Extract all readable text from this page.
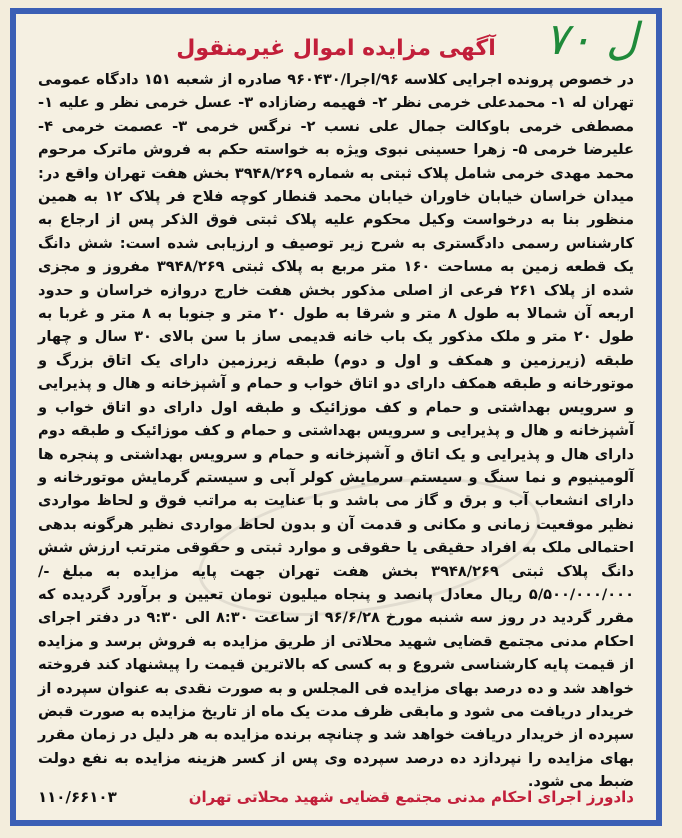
ل ۷۰
آگهی مزایده اموال غیرمنقول

در خصوص پرونده اجرایی کلاسه ۹۶/اجرا/۹۶۰۴۳۰ صادره از شعبه ۱۵۱ دادگاه عمومی تهران له ۱- محمدعلی خرمی نظر ۲- فهیمه رضازاده ۳- عسل خرمی نظر و علیه ۱- مصطفی خرمی باوکالت جمال علی نسب ۲- نرگس خرمی ۳- عصمت خرمی ۴- علیرضا خرمی ۵- زهرا حسینی نبوی ویژه به خواسته حکم به فروش ماترک مرحوم محمد مهدی خرمی شامل پلاک ثبتی به شماره ۳۹۴۸/۲۶۹ بخش هفت تهران واقع در: میدان خراسان خیابان خاوران خیابان محمد قنطار کوچه فلاح فر پلاک ۱۲ به همین منظور بنا به درخواست وکیل محکوم علیه پلاک ثبتی فوق الذکر پس از ارجاع به کارشناس رسمی دادگستری به شرح زیر توصیف و ارزیابی شده است: شش دانگ یک قطعه زمین به مساحت ۱۶۰ متر مربع به پلاک ثبتی ۳۹۴۸/۲۶۹ مفروز و مجزی شده از پلاک ۲۶۱ فرعی از اصلی مذکور بخش هفت خارج دروازه خراسان و حدود اربعه آن شمالا به طول ۸ متر و شرقا به طول ۲۰ متر و جنوبا به ۸ متر و غربا به طول ۲۰ متر و ملک مذکور یک باب خانه قدیمی ساز با سن بالای ۳۰ سال و چهار طبقه (زیرزمین و همکف و اول و دوم) طبقه زیرزمین دارای یک اتاق بزرگ و موتورخانه و طبقه همکف دارای دو اتاق خواب و حمام و آشپزخانه و هال و پذیرایی و سرویس بهداشتی و حمام و کف موزائیک و طبقه اول دارای دو اتاق خواب و آشپزخانه و هال و پذیرایی و سرویس بهداشتی و حمام و کف موزائیک و طبقه دوم دارای هال و پذیرایی و یک اتاق و آشپزخانه و حمام و سرویس بهداشتی و پنجره ها آلومینیوم و نما سنگ و سیستم سرمایش کولر آبی و سیستم گرمایش موتورخانه و دارای انشعاب آب و برق و گاز می باشد و با عنایت به مراتب فوق و لحاظ مواردی نظیر موقعیت زمانی و مکانی و قدمت آن و بدون لحاظ مواردی نظیر هرگونه بدهی احتمالی ملک به افراد حقیقی یا حقوقی و موارد ثبتی و حقوقی مترتب ارزش شش دانگ پلاک ثبتی ۳۹۴۸/۲۶۹ بخش هفت تهران جهت پایه مزایده به مبلغ -/۵/۵۰۰/۰۰۰/۰۰۰ ریال معادل پانصد و پنجاه میلیون تومان تعیین و برآورد گردیده که مقرر گردید در روز سه شنبه مورخ ۹۶/۶/۲۸ از ساعت ۸:۳۰ الی ۹:۳۰ در دفتر اجرای احکام مدنی مجتمع قضایی شهید محلاتی از طریق مزایده به فروش برسد و مزایده از قیمت پایه کارشناسی شروع و به کسی که بالاترین قیمت را پیشنهاد کند فروخته خواهد شد و ده درصد بهای مزایده فی المجلس و به صورت نقدی به عنوان سپرده از خریدار دریافت می شود و مابقی ظرف مدت یک ماه از تاریخ مزایده به صورت قبض سپرده از خریدار دریافت خواهد شد و چنانچه برنده مزایده به هر دلیل در زمان مقرر بهای مزایده را نپردازد ده درصد سپرده وی پس از کسر هزینه مزایده به نفع دولت ضبط می شود.

دادورز اجرای احکام مدنی مجتمع قضایی شهید محلاتی تهران
۱۱۰/۶۶۱۰۳
